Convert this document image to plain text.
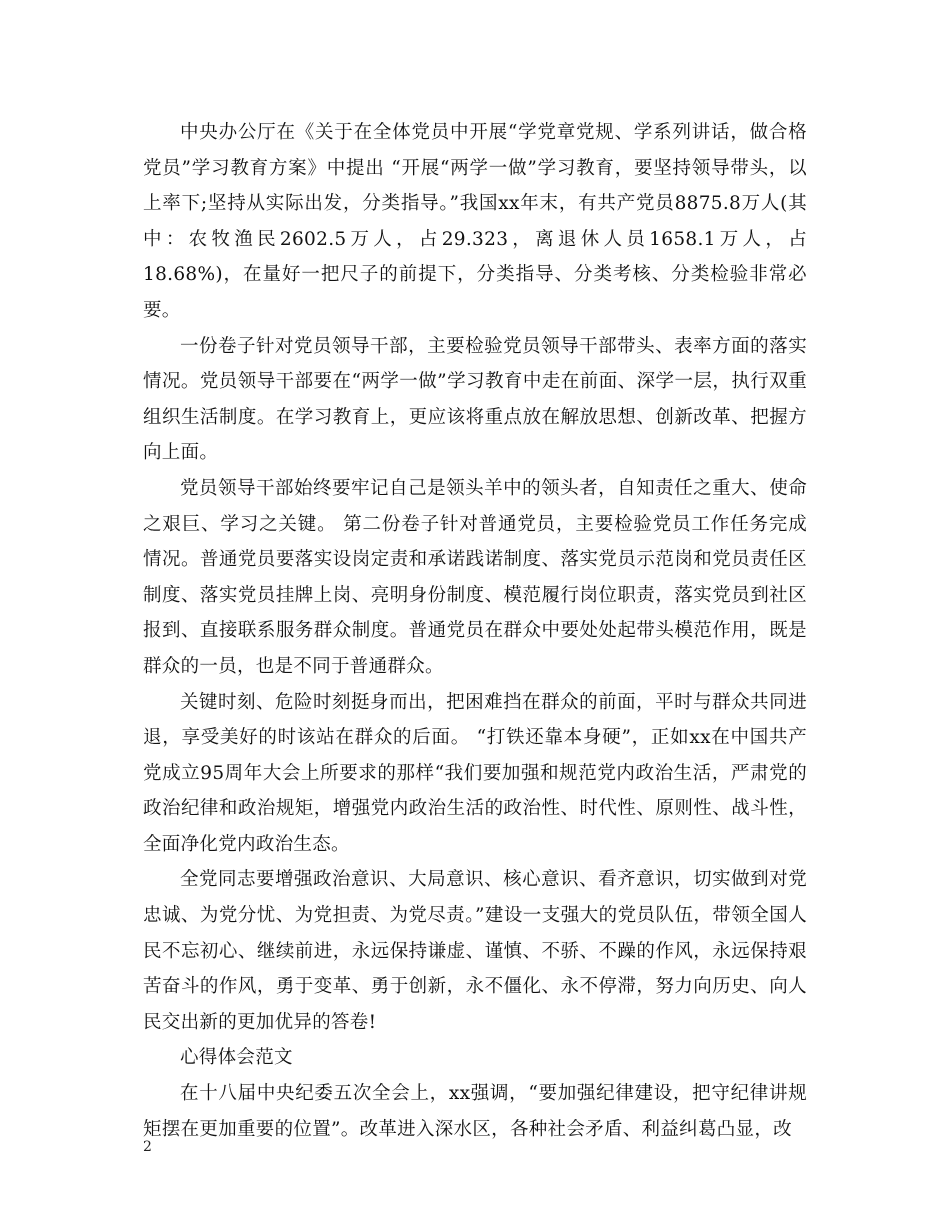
中央办公厅在《关于在全体党员中开展“学党章党规、学系列讲话，做合格党员”学习教育方案》中提出 “开展“两学一做”学习教育，要坚持领导带头，以上率下;坚持从实际出发，分类指导。”我国xx年末，有共产党员8875.8万人(其中：农牧渔民2602.5万人，占29.323，离退休人员1658.1万人，占18.68%)，在量好一把尺子的前提下，分类指导、分类考核、分类检验非常必要。

一份卷子针对党员领导干部，主要检验党员领导干部带头、表率方面的落实情况。党员领导干部要在“两学一做”学习教育中走在前面、深学一层，执行双重组织生活制度。在学习教育上，更应该将重点放在解放思想、创新改革、把握方向上面。

党员领导干部始终要牢记自己是领头羊中的领头者，自知责任之重大、使命之艰巨、学习之关键。 第二份卷子针对普通党员，主要检验党员工作任务完成情况。普通党员要落实设岗定责和承诺践诺制度、落实党员示范岗和党员责任区制度、落实党员挂牌上岗、亮明身份制度、模范履行岗位职责，落实党员到社区报到、直接联系服务群众制度。普通党员在群众中要处处起带头模范作用，既是群众的一员，也是不同于普通群众。

关键时刻、危险时刻挺身而出，把困难挡在群众的前面，平时与群众共同进退，享受美好的时该站在群众的后面。 “打铁还靠本身硬”，正如xx在中国共产党成立95周年大会上所要求的那样“我们要加强和规范党内政治生活，严肃党的政治纪律和政治规矩，增强党内政治生活的政治性、时代性、原则性、战斗性，全面净化党内政治生态。

全党同志要增强政治意识、大局意识、核心意识、看齐意识，切实做到对党忠诚、为党分忧、为党担责、为党尽责。”建设一支强大的党员队伍，带领全国人民不忘初心、继续前进，永远保持谦虚、谨慎、不骄、不躁的作风，永远保持艰苦奋斗的作风，勇于变革、勇于创新，永不僵化、永不停滞，努力向历史、向人民交出新的更加优异的答卷!

心得体会范文

在十八届中央纪委五次全会上，xx强调，“要加强纪律建设，把守纪律讲规矩摆在更加重要的位置”。改革进入深水区，各种社会矛盾、利益纠葛凸显，改

2
